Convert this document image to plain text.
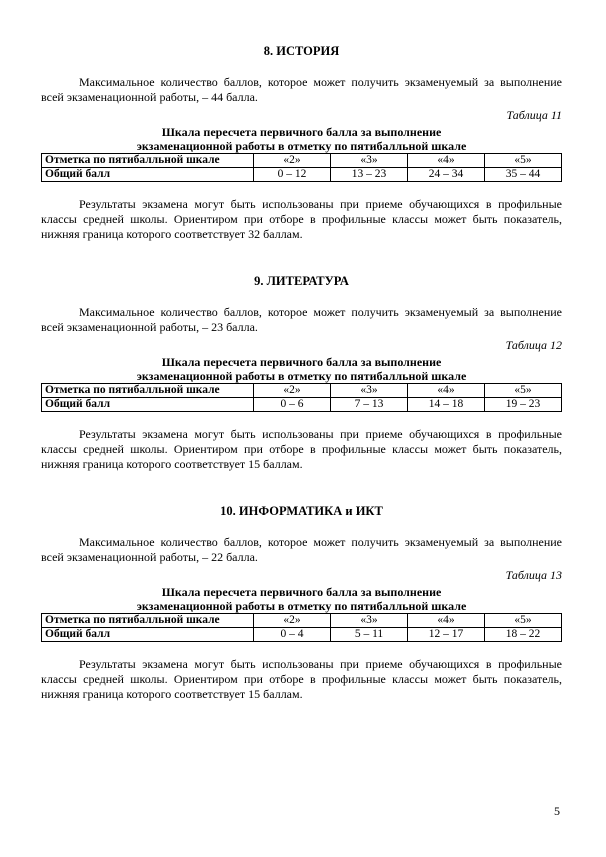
8. ИСТОРИЯ

Максимальное количество баллов, которое может получить экзаменуемый за выполнение всей экзаменационной работы, – 44 балла.

Таблица 11

Шкала пересчета первичного балла за выполнение

экзаменационной работы в отметку по пятибалльной шкале

Отметка по пятибалльной шкале	«2»	«3»	«4»	«5»
Общий балл	0 – 12	13 – 23	24 – 34	35 – 44

Результаты экзамена могут быть использованы при приеме обучающихся в профильные классы средней школы. Ориентиром при отборе в профильные классы может быть показатель, нижняя граница которого соответствует 32 баллам.

9. ЛИТЕРАТУРА

Максимальное количество баллов, которое может получить экзаменуемый за выполнение всей экзаменационной работы, – 23 балла.

Таблица 12

Шкала пересчета первичного балла за выполнение

экзаменационной работы в отметку по пятибалльной шкале

Отметка по пятибалльной шкале	«2»	«3»	«4»	«5»
Общий балл	0 – 6	7 – 13	14 – 18	19 – 23

Результаты экзамена могут быть использованы при приеме обучающихся в профильные классы средней школы. Ориентиром при отборе в профильные классы может быть показатель, нижняя граница которого соответствует 15 баллам.

10. ИНФОРМАТИКА и ИКТ

Максимальное количество баллов, которое может получить экзаменуемый за выполнение всей экзаменационной работы, – 22 балла.

Таблица 13

Шкала пересчета первичного балла за выполнение

экзаменационной работы в отметку по пятибалльной шкале

Отметка по пятибалльной шкале	«2»	«3»	«4»	«5»
Общий балл	0 – 4	5 – 11	12 – 17	18 – 22

Результаты экзамена могут быть использованы при приеме обучающихся в профильные классы средней школы. Ориентиром при отборе в профильные классы может быть показатель, нижняя граница которого соответствует 15 баллам.

5
